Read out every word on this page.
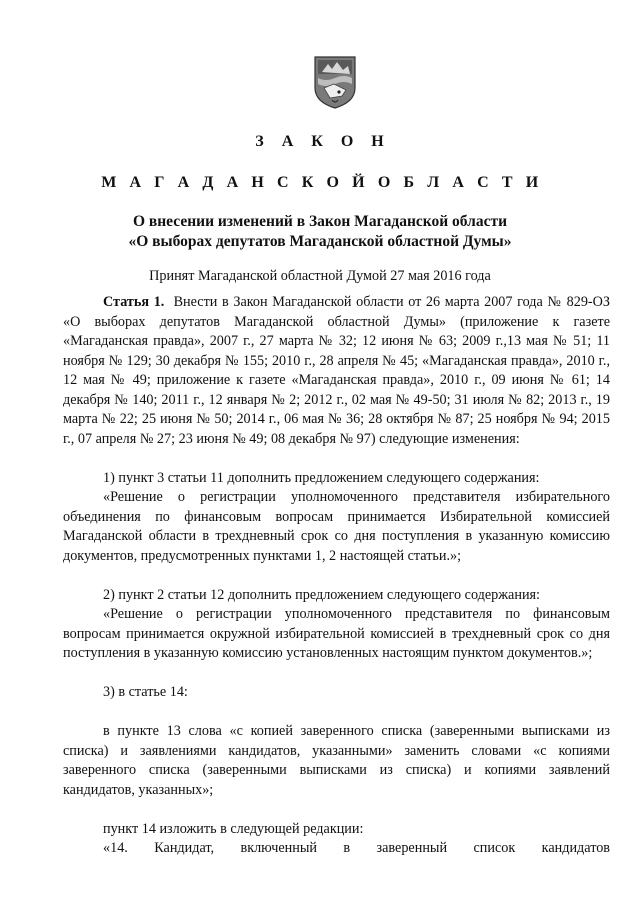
З А К О Н
М А Г А Д А Н С К О Й О Б Л А С Т И
О внесении изменений в Закон Магаданской области
«О выборах депутатов Магаданской областной Думы»
Принят Магаданской областной Думой 27 мая 2016 года

Статья 1. Внести в Закон Магаданской области от 26 марта 2007 года № 829-ОЗ «О выборах депутатов Магаданской областной Думы» (приложение к газете «Магаданская правда», 2007 г., 27 марта № 32; 12 июня № 63; 2009 г.,13 мая № 51; 11 ноября № 129; 30 декабря № 155; 2010 г., 28 апреля № 45; «Магаданская правда», 2010 г., 12 мая № 49; приложение к газете «Магаданская правда», 2010 г., 09 июня № 61; 14 декабря № 140; 2011 г., 12 января № 2; 2012 г., 02 мая № 49-50; 31 июля № 82; 2013 г., 19 марта № 22; 25 июня № 50; 2014 г., 06 мая № 36; 28 октября № 87; 25 ноября № 94; 2015 г., 07 апреля № 27; 23 июня № 49; 08 декабря № 97) следующие изменения:

1) пункт 3 статьи 11 дополнить предложением следующего содержания:

«Решение о регистрации уполномоченного представителя избирательного объединения по финансовым вопросам принимается Избирательной комиссией Магаданской области в трехдневный срок со дня поступления в указанную комиссию документов, предусмотренных пунктами 1, 2 настоящей статьи.»;

2) пункт 2 статьи 12 дополнить предложением следующего содержания:

«Решение о регистрации уполномоченного представителя по финансовым вопросам принимается окружной избирательной комиссией в трехдневный срок со дня поступления в указанную комиссию установленных настоящим пунктом документов.»;

3) в статье 14:

в пункте 13 слова «с копией заверенного списка (заверенными выписками из списка) и заявлениями кандидатов, указанными» заменить словами «с копиями заверенного списка (заверенными выписками из списка) и копиями заявлений кандидатов, указанных»;

пункт 14 изложить в следующей редакции:

«14. Кандидат, включенный в заверенный список кандидатов
